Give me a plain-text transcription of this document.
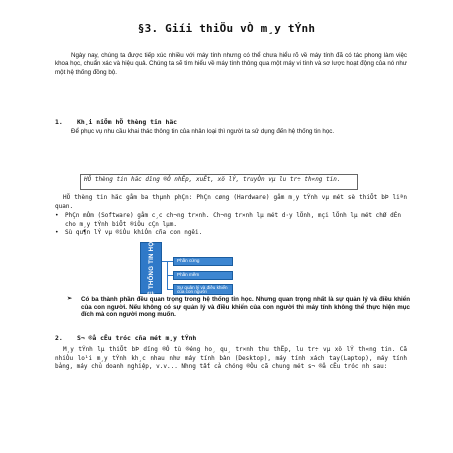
§3. Giíi thiÖu vÒ m¸y tÝnh
Ngày nay, chúng ta được tiếp xúc nhiều với máy tính nhưng có thể chưa hiểu rõ về máy tính đã có tác phong làm việc khoa học, chuẩn xác và hiệu quả. Chúng ta sẽ tìm hiểu về máy tính thông qua một máy vi tính và sơ lược hoạt động của nó như một hệ thống đồng bộ.
1. Kh¸i niÖm hÖ thèng tin häc
Để phục vụ nhu cầu khai thác thông tin của nhân loại thì người ta sử dụng đến hệ thống tin học.
HÖ thèng tin häc dïng ®Ó nhËp, xuÊt, xö lÝ, truyÒn vµ lu tr÷ th«ng tin.
HÖ thèng tin häc gåm ba thµnh phÇn: PhÇn cøng (Hardware) gåm m¸y tÝnh vµ mét sè thiÕt bÞ liªn quan.
• PhÇn mÒm (Software) gåm c¸c ch¬ng tr×nh. Ch¬ng tr×nh lµ mét d·y lÖnh, mçi lÖnh lµ mét chØ dÉn cho m¸y tÝnh biÕt ®iÒu cÇn lµm.
• Sù qu¶n lÝ vµ ®iÒu khiÓn cña con ngêi.
HỆ THỐNG TIN HỌC	Phần cứng
Phần mềm
Sự quản lý và điều khiển của con người
➢	Có ba thành phần đều quan trọng trong hệ thống tin học. Nhưng quan trọng nhất là sự quản lý và điều khiển của con người. Nếu không có sự quản lý và điều khiển của con người thì máy tính không thể thực hiện mục đích mà con người mong muốn.
2. S¬ ®å cÊu tróc cña mét m¸y tÝnh
M¸y tÝnh lµ thiÕt bÞ dïng ®Ó tù ®éng ho¸ qu¸ tr×nh thu thËp, lu tr÷ vµ xö lÝ th«ng tin. Cã nhiÒu lo¹i m¸y tÝnh kh¸c nhau như máy tính bàn (Desktop), máy tính xách tay(Laptop), máy tính bảng, máy chủ doanh nghiệp, v.v... Nhng tất cả chóng ®Òu cã chung mét s¬ ®å cÊu tróc nh sau:
